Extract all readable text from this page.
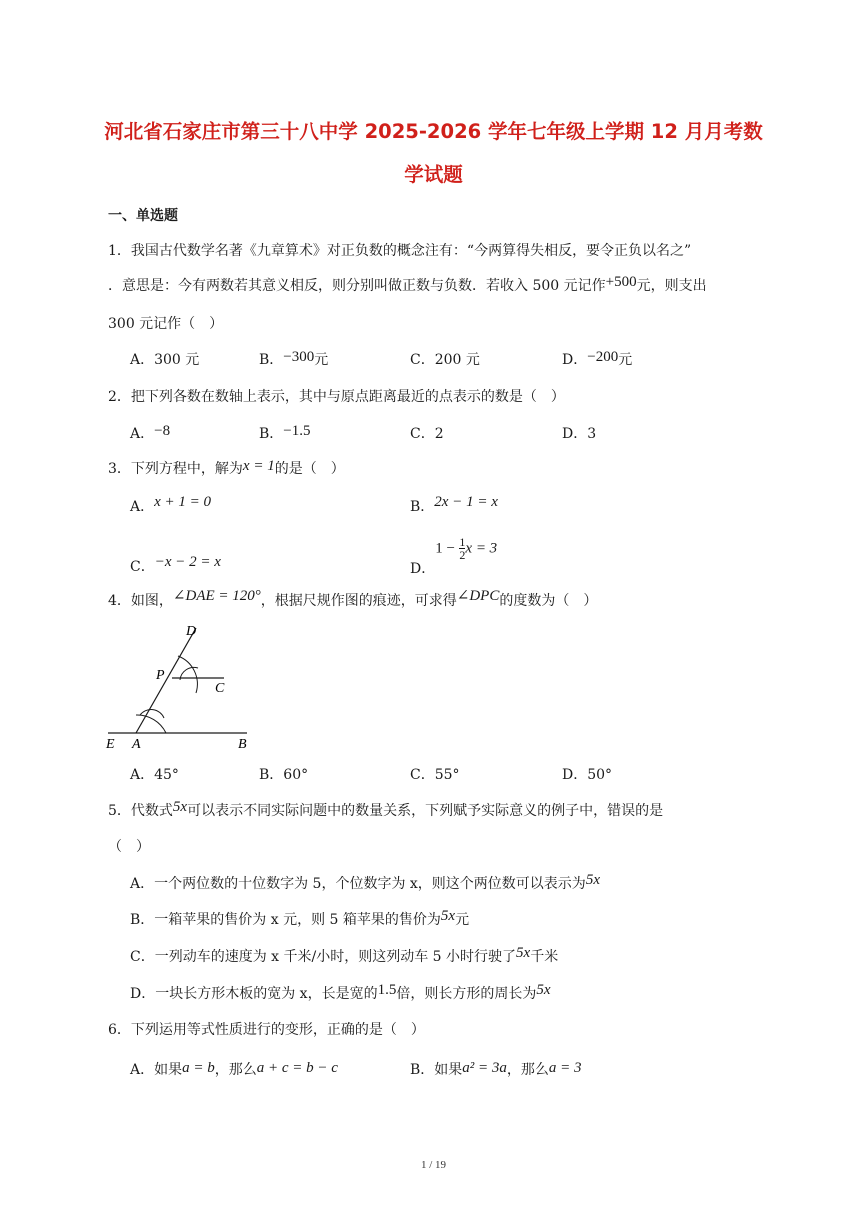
河北省石家庄市第三十八中学 2025-2026 学年七年级上学期 12 月月考数
学试题
一、单选题
1．我国古代数学名著《九章算术》对正负数的概念注有：“今两算得失相反，要令正负以名之”
．意思是：今有两数若其意义相反，则分别叫做正数与负数．若收入 500 元记作+500元，则支出
300 元记作（　）
A．300 元	B．−300元	C．200 元	D．−200元
2．把下列各数在数轴上表示，其中与原点距离最近的点表示的数是（　）
A．−8	B．−1.5	C．2	D．3
3．下列方程中，解为x = 1的是（　）
A．x + 1 = 0	B．2x − 1 = x
C．−x − 2 = x	D．$1 - \frac{1}{2}$ x = 3
4．如图，∠DAE = 120°，根据尺规作图的痕迹，可求得∠DPC的度数为（　）
D
P
C
E A	B
A．45°	B．60°	C．55°	D．50°
5．代数式5x可以表示不同实际问题中的数量关系，下列赋予实际意义的例子中，错误的是
（　）
A．一个两位数的十位数字为 5，个位数字为 x，则这个两位数可以表示为5x
B．一箱苹果的售价为 x 元，则 5 箱苹果的售价为5x元
C．一列动车的速度为 x 千米/小时，则这列动车 5 小时行驶了5x千米
D．一块长方形木板的宽为 x，长是宽的1.5倍，则长方形的周长为5x
6．下列运用等式性质进行的变形，正确的是（　）
A．如果a = b，那么a + c = b − c	B．如果a² = 3a，那么a = 3
1 / 19
